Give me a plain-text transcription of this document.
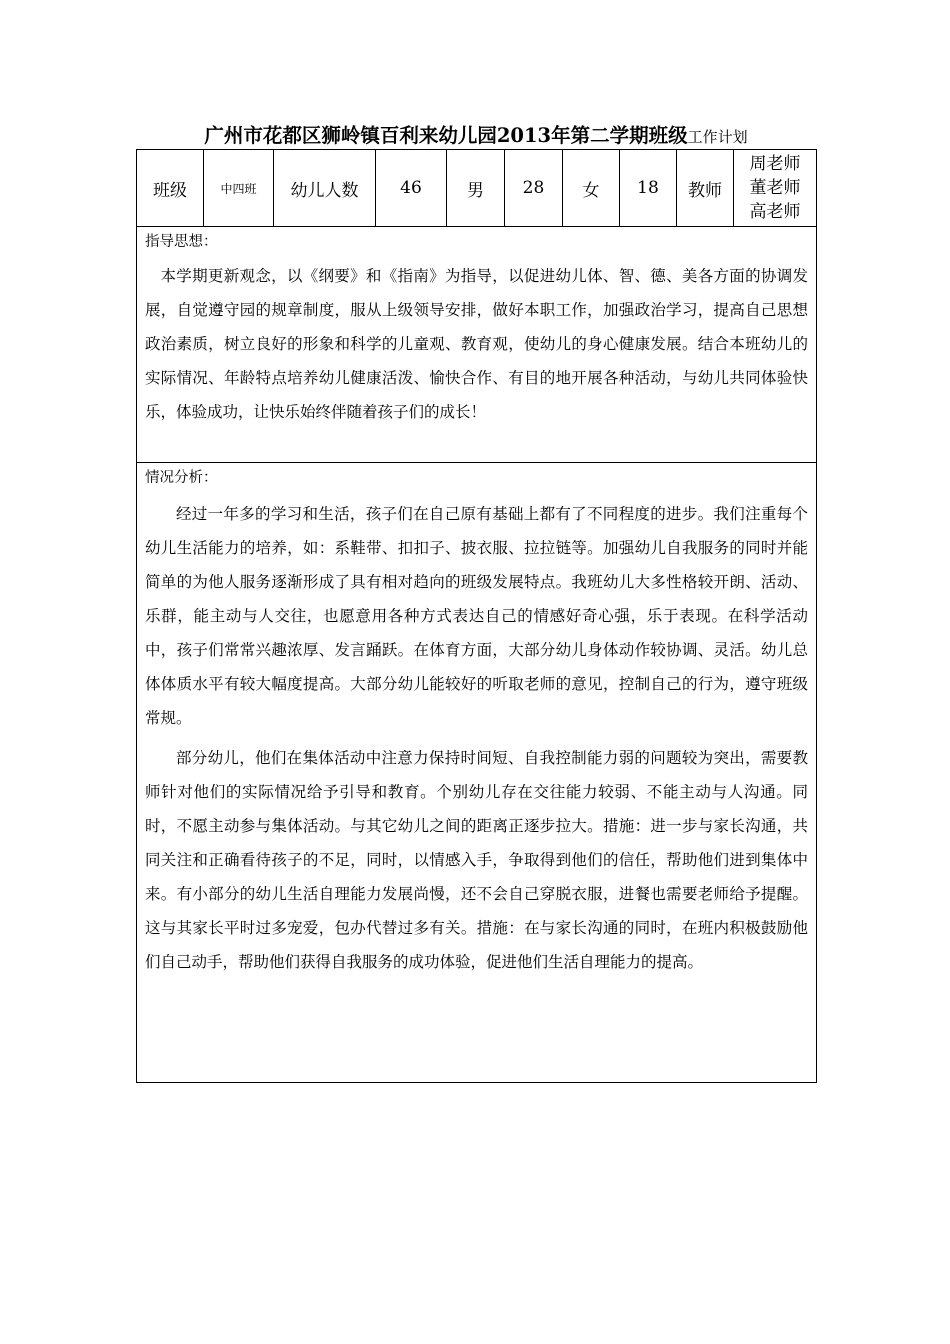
广州市花都区狮岭镇百利来幼儿园2013年第二学期班级工作计划
班级	中四班	幼儿人数	46	男	28	女	18	教师	
周老师
董老师
高老师

指导思想：

本学期更新观念，以《纲要》和《指南》为指导，以促进幼儿体、智、德、美各方面的协调发展，自觉遵守园的规章制度，服从上级领导安排，做好本职工作，加强政治学习，提高自己思想政治素质，树立良好的形象和科学的儿童观、教育观，使幼儿的身心健康发展。结合本班幼儿的实际情况、年龄特点培养幼儿健康活泼、愉快合作、有目的地开展各种活动，与幼儿共同体验快乐，体验成功，让快乐始终伴随着孩子们的成长！

情况分析：

经过一年多的学习和生活，孩子们在自己原有基础上都有了不同程度的进步。我们注重每个幼儿生活能力的培养，如：系鞋带、扣扣子、披衣服、拉拉链等。加强幼儿自我服务的同时并能简单的为他人服务逐渐形成了具有相对趋向的班级发展特点。我班幼儿大多性格较开朗、活动、乐群，能主动与人交往，也愿意用各种方式表达自己的情感好奇心强，乐于表现。在科学活动中，孩子们常常兴趣浓厚、发言踊跃。在体育方面，大部分幼儿身体动作较协调、灵活。幼儿总体体质水平有较大幅度提高。大部分幼儿能较好的听取老师的意见，控制自己的行为，遵守班级常规。

部分幼儿，他们在集体活动中注意力保持时间短、自我控制能力弱的问题较为突出，需要教师针对他们的实际情况给予引导和教育。个别幼儿存在交往能力较弱、不能主动与人沟通。同时，不愿主动参与集体活动。与其它幼儿之间的距离正逐步拉大。措施：进一步与家长沟通，共同关注和正确看待孩子的不足，同时，以情感入手，争取得到他们的信任，帮助他们进到集体中来。有小部分的幼儿生活自理能力发展尚慢，还不会自己穿脱衣服，进餐也需要老师给予提醒。这与其家长平时过多宠爱，包办代替过多有关。措施：在与家长沟通的同时，在班内积极鼓励他们自己动手，帮助他们获得自我服务的成功体验，促进他们生活自理能力的提高。
